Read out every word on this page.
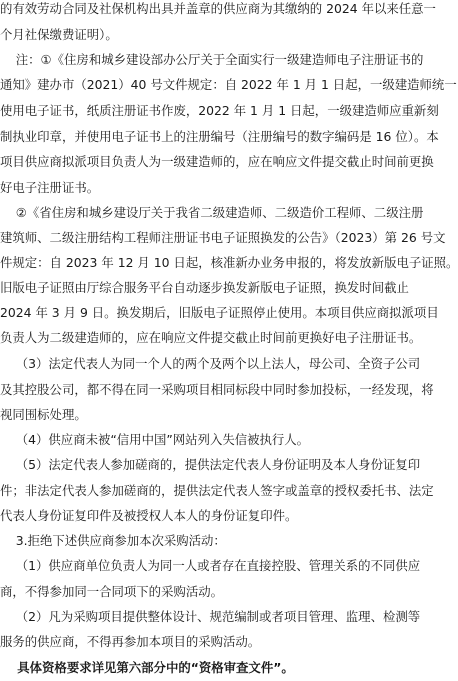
的有效劳动合同及社保机构出具并盖章的供应商为其缴纳的 2024 年以来任意一
个月社保缴费证明）。
注：①《住房和城乡建设部办公厅关于全面实行一级建造师电子注册证书的
通知》建办市（2021）40 号文件规定：自 2022 年 1 月 1 日起，一级建造师统一
使用电子证书，纸质注册证书作废，2022 年 1 月 1 日起，一级建造师应重新刻
制执业印章，并使用电子证书上的注册编号（注册编号的数字编码是 16 位）。本
项目供应商拟派项目负责人为一级建造师的，应在响应文件提交截止时间前更换
好电子注册证书。
②《省住房和城乡建设厅关于我省二级建造师、二级造价工程师、二级注册
建筑师、二级注册结构工程师注册证书电子证照换发的公告》（2023）第 26 号文
件规定：自 2023 年 12 月 10 日起，核准新办业务申报的，将发放新版电子证照。
旧版电子证照由厅综合服务平台自动逐步换发新版电子证照，换发时间截止
2024 年 3 月 9 日。换发期后，旧版电子证照停止使用。本项目供应商拟派项目
负责人为二级建造师的，应在响应文件提交截止时间前更换好电子注册证书。
（3）法定代表人为同一个人的两个及两个以上法人，母公司、全资子公司
及其控股公司，都不得在同一采购项目相同标段中同时参加投标，一经发现，将
视同围标处理。
（4）供应商未被“信用中国”网站列入失信被执行人。
（5）法定代表人参加磋商的，提供法定代表人身份证明及本人身份证复印
件；非法定代表人参加磋商的，提供法定代表人签字或盖章的授权委托书、法定
代表人身份证复印件及被授权人本人的身份证复印件。
3.拒绝下述供应商参加本次采购活动：
（1）供应商单位负责人为同一人或者存在直接控股、管理关系的不同供应
商，不得参加同一合同项下的采购活动。
（2）凡为采购项目提供整体设计、规范编制或者项目管理、监理、检测等
服务的供应商，不得再参加本项目的采购活动。
具体资格要求详见第六部分中的“资格审查文件”。
